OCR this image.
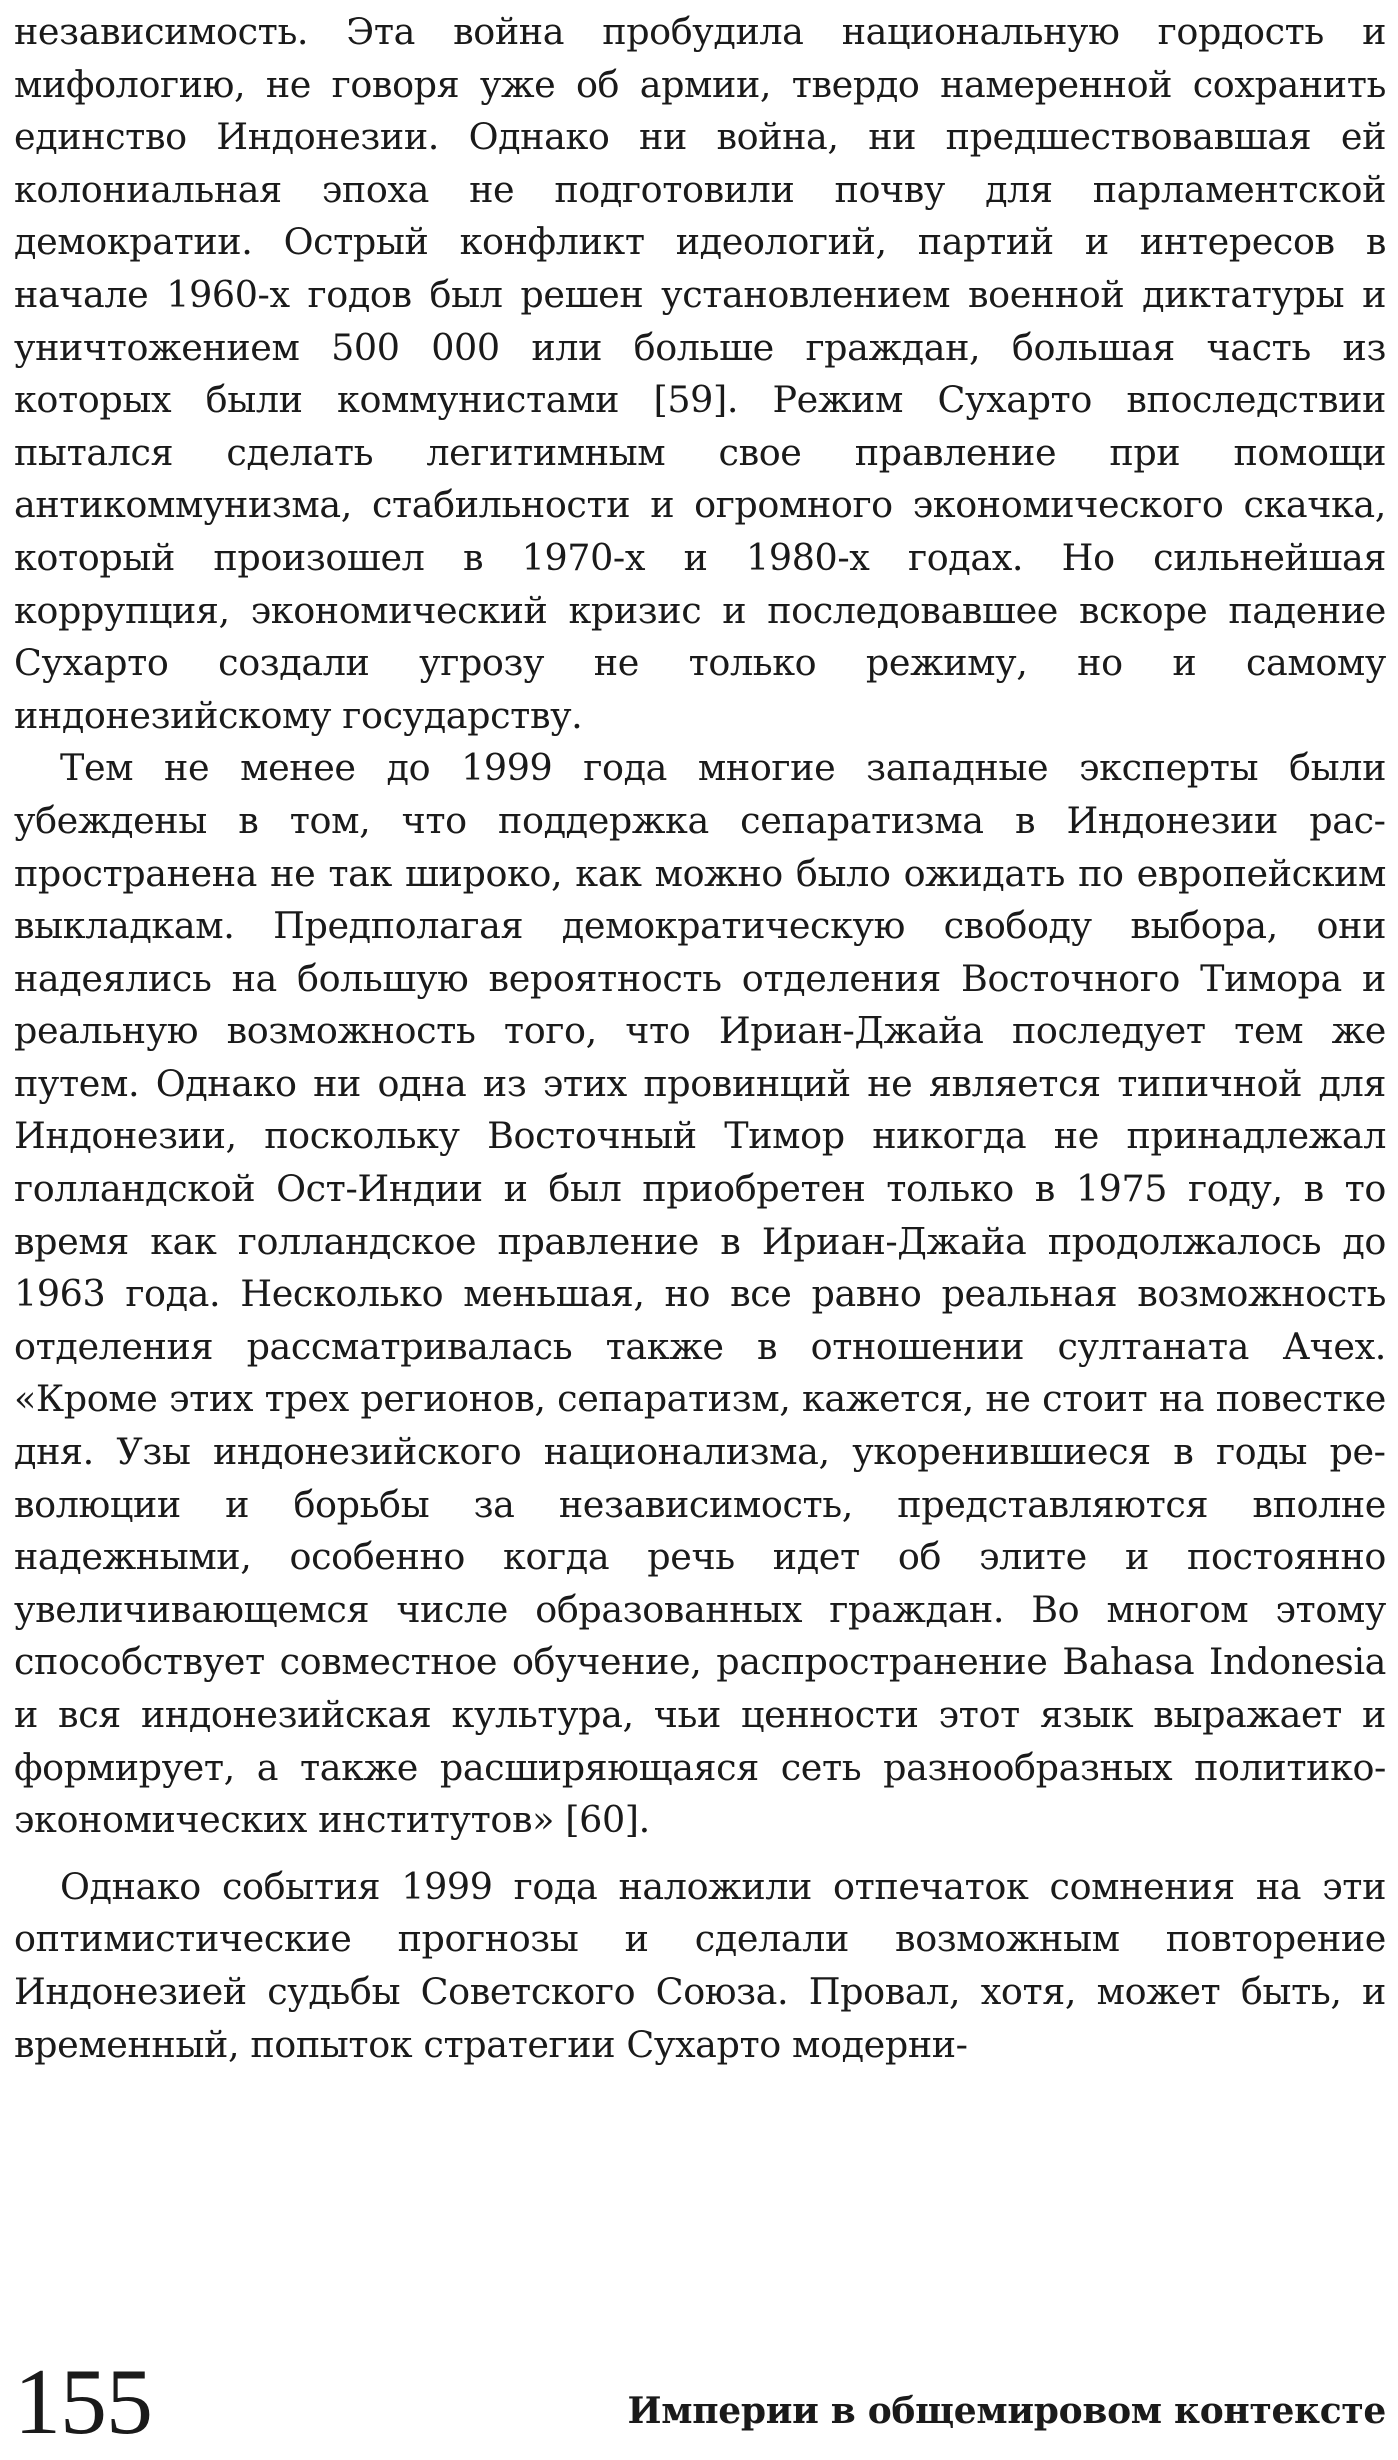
независимость. Эта война пробудила национальную гордость и мифологию, не говоря уже об армии, твердо намеренной сохранить единство Индонезии. Однако ни война, ни предшествовавшая ей колониальная эпоха не подготовили почву для парламентской демократии. Острый конфликт идеологий, партий и интересов в начале 1960-х годов был решен установлением военной диктатуры и уничтожением 500 000 или больше граждан, большая часть из которых были коммунистами [59]. Режим Сухарто впоследствии пытался сделать легитимным свое правление при помощи антикоммунизма, стабильности и огромного экономического скачка, который произошел в 1970-х и 1980-х годах. Но сильнейшая коррупция, экономический кризис и последовавшее вскоре падение Сухарто создали угрозу не только режиму, но и самому индонезийскому государству.

Тем не менее до 1999 года многие западные эксперты были убеждены в том, что поддержка сепаратизма в Индонезии распространена не так широко, как можно было ожидать по европейским выкладкам. Предполагая демократическую свободу выбора, они надеялись на большую вероятность отделения Восточного Тимора и реальную возможность того, что Ириан-Джайа последует тем же путем. Однако ни одна из этих провинций не является типичной для Индонезии, поскольку Восточный Тимор никогда не принадлежал голландской Ост-Индии и был приобретен только в 1975 году, в то время как голландское правление в Ириан-Джайа продолжалось до 1963 года. Несколько меньшая, но все равно реальная возможность отделения рассматривалась также в отношении султаната Ачех. «Кроме этих трех регионов, сепаратизм, кажется, не стоит на повестке дня. Узы индонезийского национализма, укоренившиеся в годы революции и борьбы за независимость, представляются вполне надежными, особенно когда речь идет об элите и постоянно увеличивающемся числе образованных граждан. Во многом этому способствует совместное обучение, распространение Bahasa Indonesia и вся индонезийская культура, чьи ценности этот язык выражает и формирует, а также расширяющаяся сеть разнообразных политико-экономических институтов» [60].

Однако события 1999 года наложили отпечаток сомнения на эти оптимистические прогнозы и сделали возможным повторение Индонезией судьбы Советского Союза. Провал, хотя, может быть, и временный, попыток стратегии Сухарто модерни-

155	Империи в общемировом контексте
